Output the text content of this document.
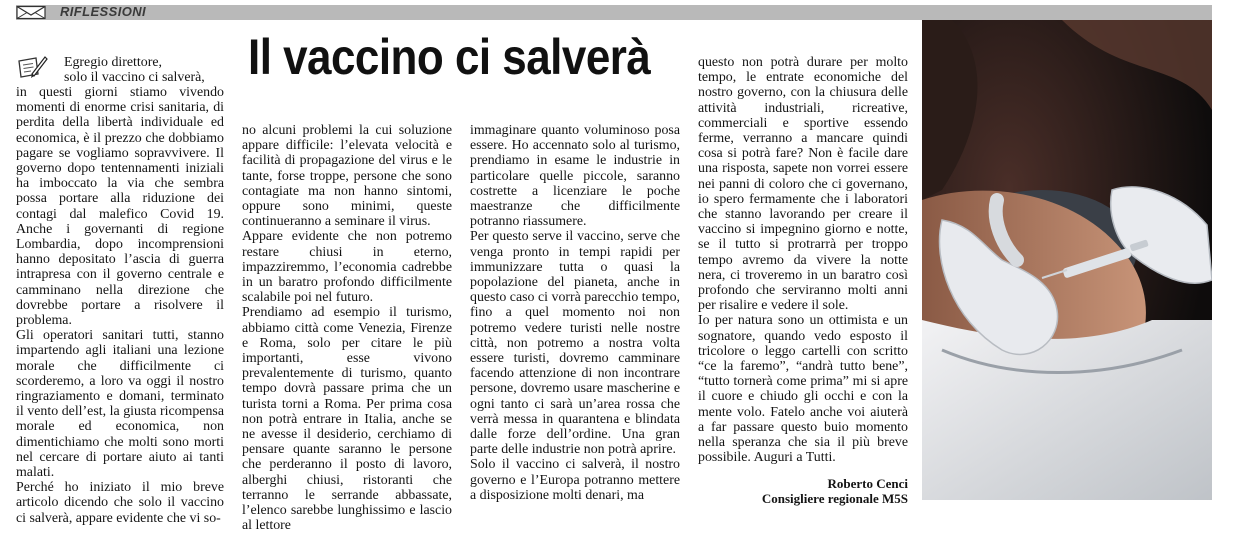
RIFLESSIONI
Il vaccino ci salverà
Egregio direttore,
solo il vaccino ci salverà,

in questi giorni stiamo vivendo momenti di enorme crisi sanitaria, di perdita della libertà individuale ed economica, è il prezzo che dobbiamo pagare se vogliamo sopravvivere. Il governo dopo tentennamenti iniziali ha imboccato la via che sembra possa portare alla riduzione dei contagi dal malefico Covid 19. Anche i governanti di regione Lombardia, dopo incomprensioni hanno depositato l’ascia di guerra intrapresa con il governo centrale e camminano nella direzione che dovrebbe portare a risolvere il problema.

Gli operatori sanitari tutti, stanno impartendo agli italiani una lezione morale che difficilmente ci scorderemo, a loro va oggi il nostro ringraziamento e domani, terminato il vento dell’est, la giusta ricompensa morale ed economica, non dimentichiamo che molti sono morti nel cercare di portare aiuto ai tanti malati.

Perché ho iniziato il mio breve articolo dicendo che solo il vaccino ci salverà, appare evidente che vi so-

no alcuni problemi la cui soluzione appare difficile: l’elevata velocità e facilità di propagazione del virus e le tante, forse troppe, persone che sono contagiate ma non hanno sintomi, oppure sono minimi, queste continueranno a seminare il virus.

Appare evidente che non potremo restare chiusi in eterno, impazziremmo, l’economia cadrebbe in un baratro profondo difficilmente scalabile poi nel futuro.

Prendiamo ad esempio il turismo, abbiamo città come Venezia, Firenze e Roma, solo per citare le più importanti, esse vivono prevalentemente di turismo, quanto tempo dovrà passare prima che un turista torni a Roma. Per prima cosa non potrà entrare in Italia, anche se ne avesse il desiderio, cerchiamo di pensare quante saranno le persone che perderanno il posto di lavoro, alberghi chiusi, ristoranti che terranno le serrande abbassate, l’elenco sarebbe lunghissimo e lascio al lettore

immaginare quanto voluminoso posa essere. Ho accennato solo al turismo, prendiamo in esame le industrie in particolare quelle piccole, saranno costrette a licenziare le poche maestranze che difficilmente potranno riassumere.

Per questo serve il vaccino, serve che venga pronto in tempi rapidi per immunizzare tutta o quasi la popolazione del pianeta, anche in questo caso ci vorrà parecchio tempo, fino a quel momento noi non potremo vedere turisti nelle nostre città, non potremo a nostra volta essere turisti, dovremo camminare facendo attenzione di non incontrare persone, dovremo usare mascherine e ogni tanto ci sarà un’area rossa che verrà messa in quarantena e blindata dalle forze dell’ordine. Una gran parte delle industrie non potrà aprire.

Solo il vaccino ci salverà, il nostro governo e l’Europa potranno mettere a disposizione molti denari, ma

questo non potrà durare per molto tempo, le entrate economiche del nostro governo, con la chiusura delle attività industriali, ricreative, commerciali e sportive essendo ferme, verranno a mancare quindi cosa si potrà fare? Non è facile dare una risposta, sapete non vorrei essere nei panni di coloro che ci governano, io spero fermamente che i laboratori che stanno lavorando per creare il vaccino si impegnino giorno e notte, se il tutto si protrarrà per troppo tempo avremo da vivere la notte nera, ci troveremo in un baratro così profondo che serviranno molti anni per risalire e vedere il sole.

Io per natura sono un ottimista e un sognatore, quando vedo esposto il tricolore o leggo cartelli con scritto “ce la faremo”, “andrà tutto bene”, “tutto tornerà come prima” mi si apre il cuore e chiudo gli occhi e con la mente volo. Fatelo anche voi aiuterà a far passare questo buio momento nella speranza che sia il più breve possibile. Auguri a Tutti.

Roberto Cenci
Consigliere regionale M5S
